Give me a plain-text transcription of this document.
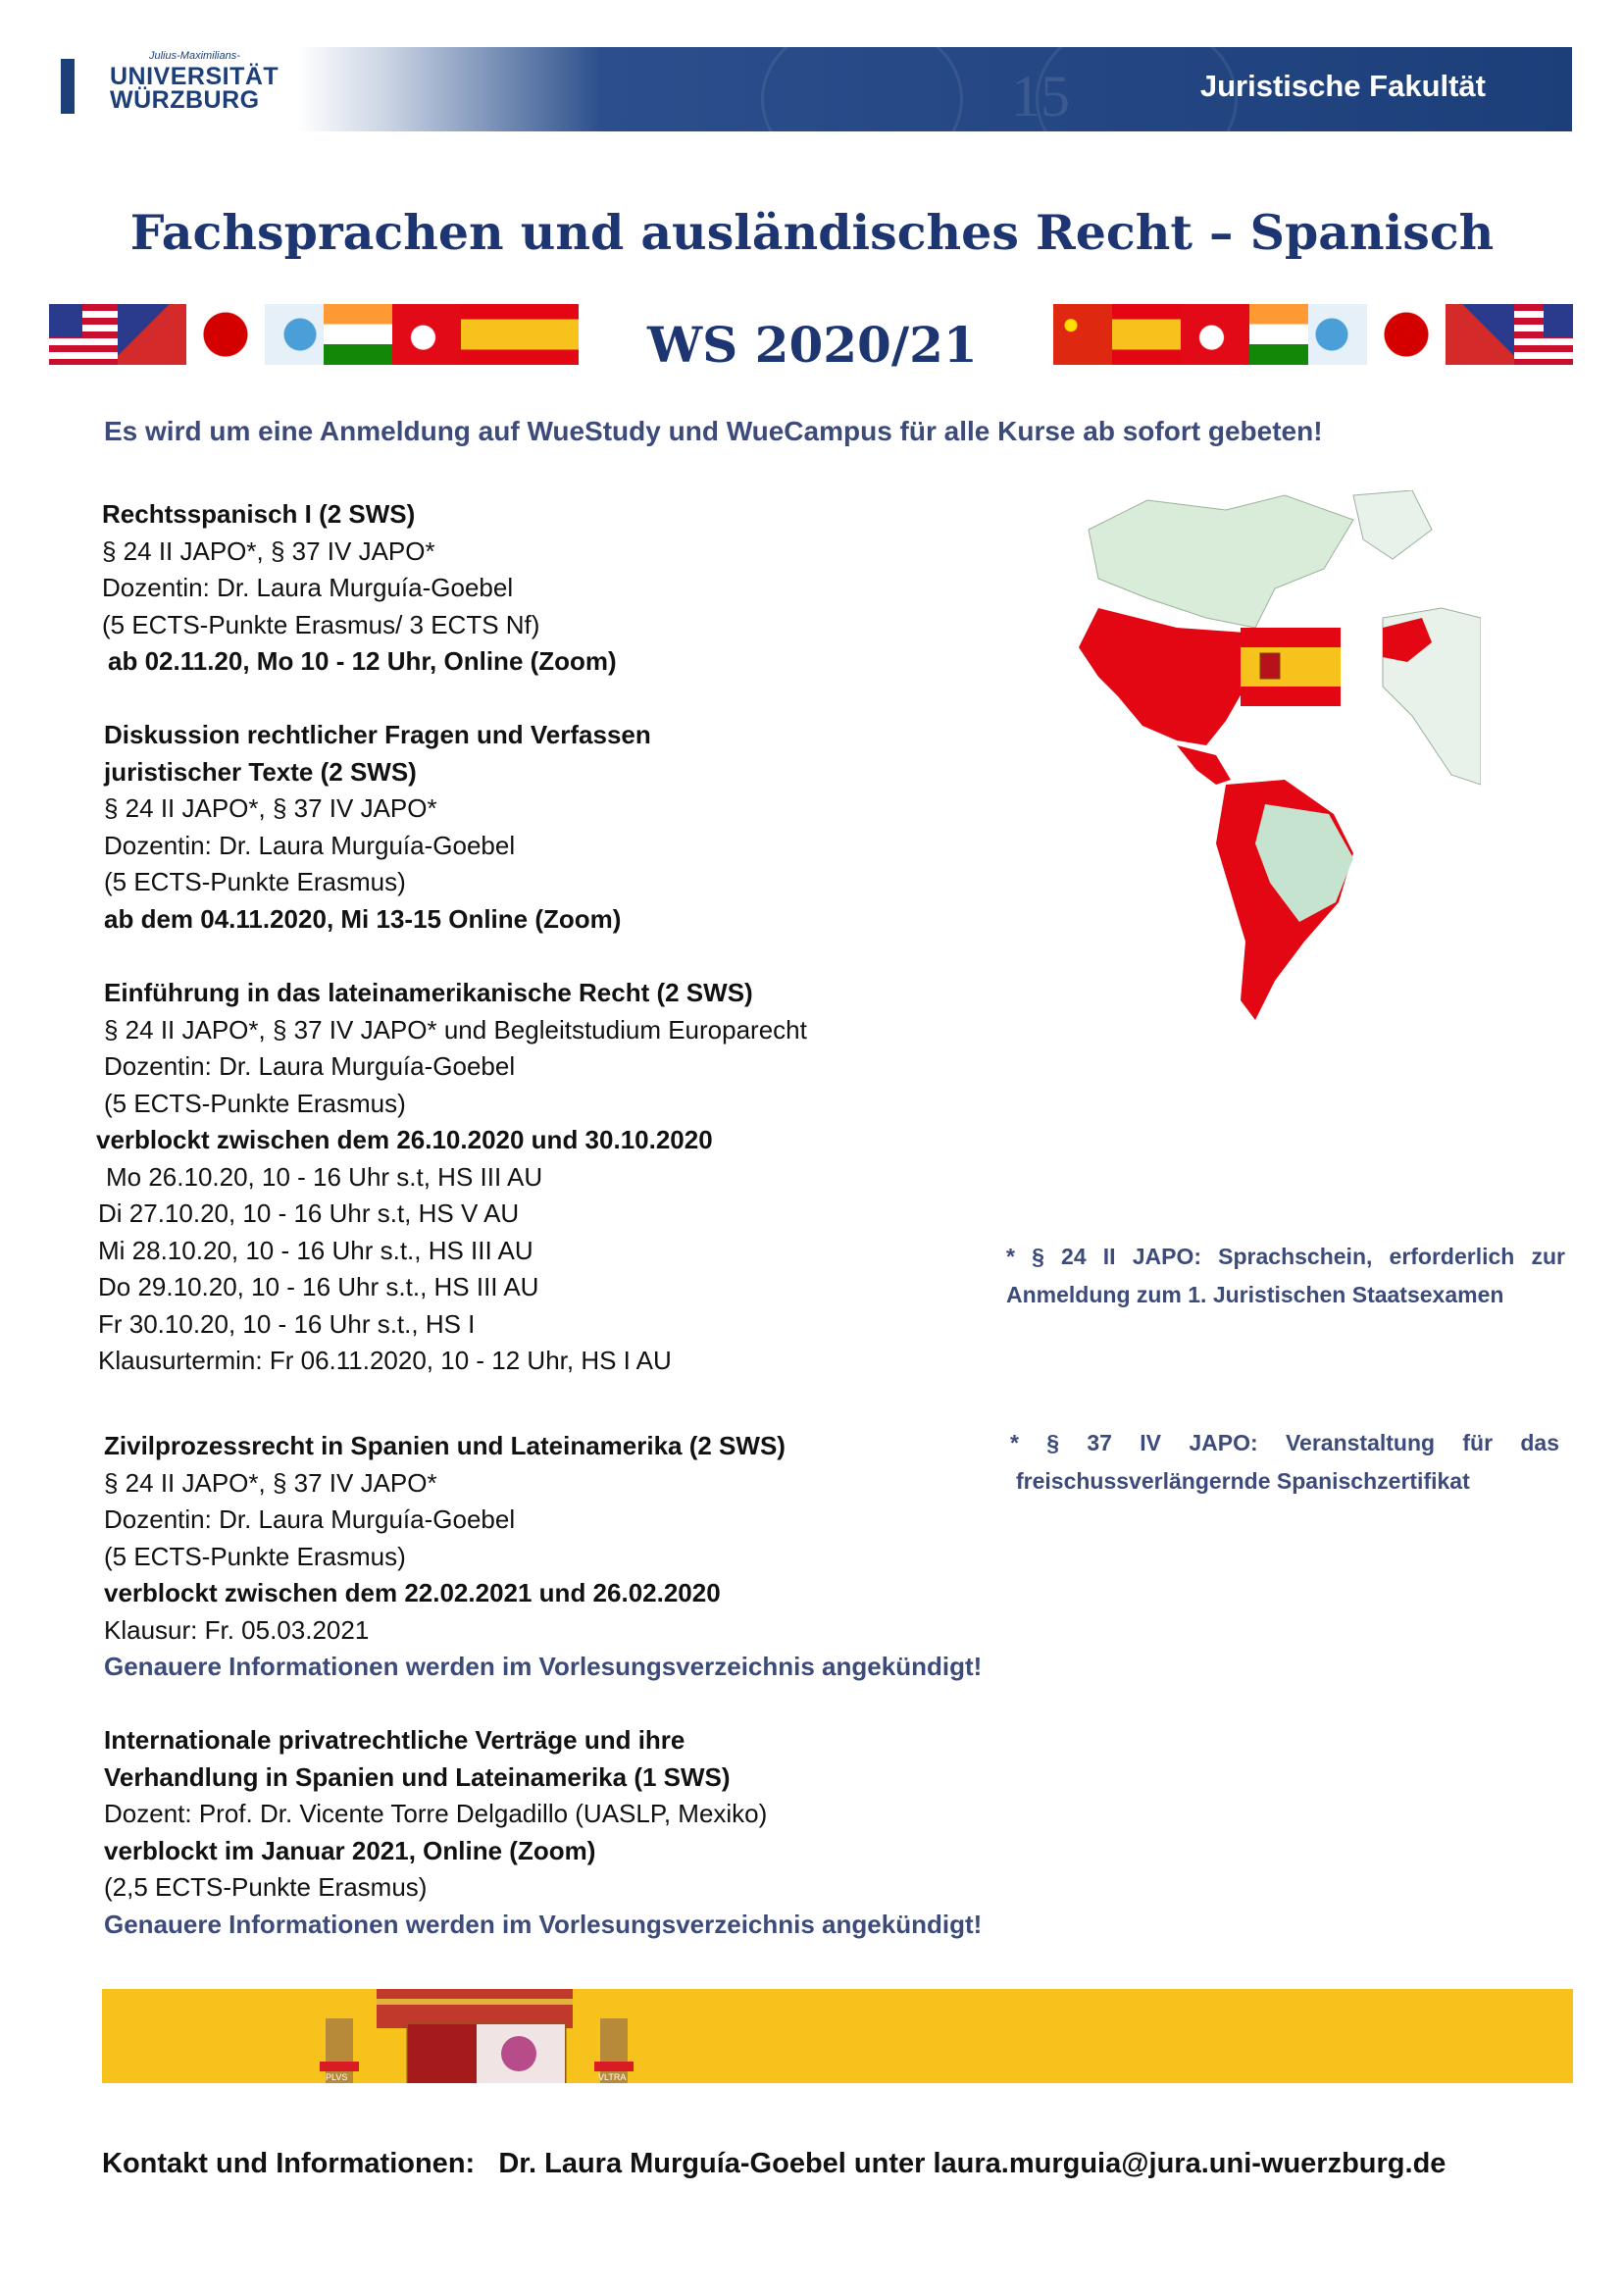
15
Julius-Maximilians-
UNIVERSITÄT
WÜRZBURG	Juristische Fakultät
Fachsprachen und ausländisches Recht – Spanisch
WS 2020/21
Es wird um eine Anmeldung auf WueStudy und WueCampus für alle Kurse ab sofort gebeten!
Rechtsspanisch I (2 SWS)
§ 24 II JAPO*, § 37 IV JAPO*
Dozentin: Dr. Laura Murguía-Goebel
(5 ECTS-Punkte Erasmus/ 3 ECTS Nf)
ab 02.11.20, Mo 10 - 12 Uhr, Online (Zoom)
Diskussion rechtlicher Fragen und Verfassen
juristischer Texte (2 SWS)
§ 24 II JAPO*, § 37 IV JAPO*
Dozentin: Dr. Laura Murguía-Goebel
(5 ECTS-Punkte Erasmus)
ab dem 04.11.2020, Mi 13-15 Online (Zoom)
Einführung in das lateinamerikanische Recht (2 SWS)
§ 24 II JAPO*, § 37 IV JAPO* und Begleitstudium Europarecht
Dozentin: Dr. Laura Murguía-Goebel
(5 ECTS-Punkte Erasmus)
verblockt zwischen dem 26.10.2020 und 30.10.2020
Mo 26.10.20, 10 - 16 Uhr s.t, HS III AU
Di 27.10.20, 10 - 16 Uhr s.t, HS V AU
Mi 28.10.20, 10 - 16 Uhr s.t., HS III AU
Do 29.10.20, 10 - 16 Uhr s.t., HS III AU
Fr 30.10.20, 10 - 16 Uhr s.t., HS I
Klausurtermin: Fr 06.11.2020, 10 - 12 Uhr, HS I AU
Zivilprozessrecht in Spanien und Lateinamerika (2 SWS)
§ 24 II JAPO*, § 37 IV JAPO*
Dozentin: Dr. Laura Murguía-Goebel
(5 ECTS-Punkte Erasmus)
verblockt zwischen dem 22.02.2021 und 26.02.2020
Klausur: Fr. 05.03.2021
Genauere Informationen werden im Vorlesungsverzeichnis angekündigt!
Internationale privatrechtliche Verträge und ihre
Verhandlung in Spanien und Lateinamerika (1 SWS)
Dozent: Prof. Dr. Vicente Torre Delgadillo (UASLP, Mexiko)
verblockt im Januar 2021, Online (Zoom)
(2,5 ECTS-Punkte Erasmus)
Genauere Informationen werden im Vorlesungsverzeichnis angekündigt!
* § 24 II JAPO: Sprachschein, erforderlich zur
Anmeldung zum 1. Juristischen Staatsexamen
* § 37 IV JAPO: Veranstaltung für das
freischussverlängernde Spanischzertifikat
PLVS	VLTRA
Kontakt und Informationen:   Dr. Laura Murguía-Goebel unter laura.murguia@jura.uni-wuerzburg.de
